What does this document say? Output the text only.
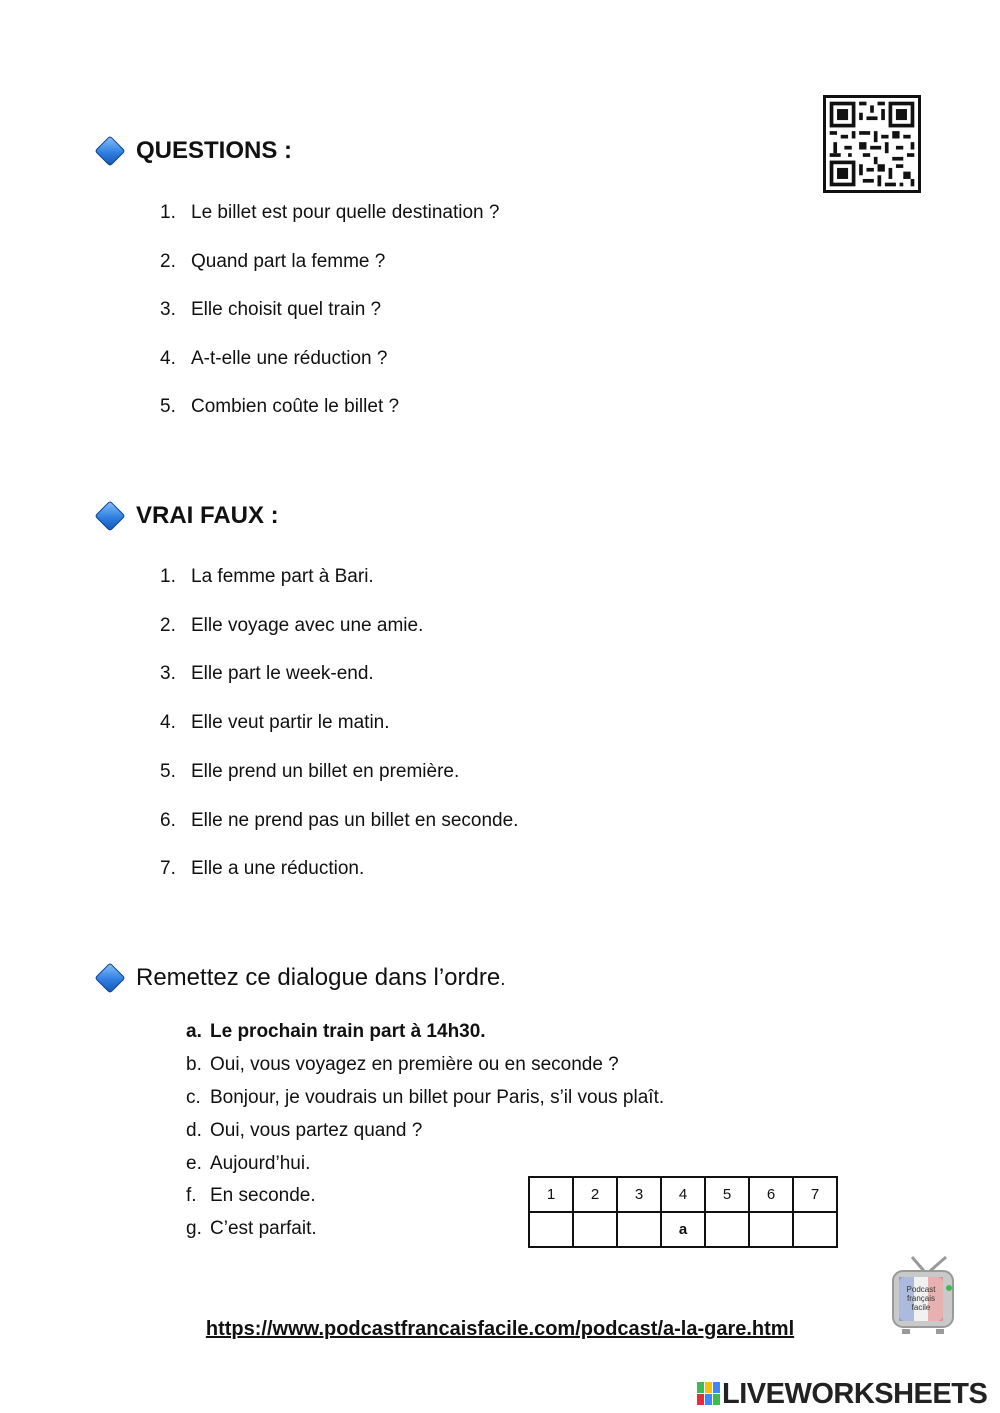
QUESTIONS :
1. Le billet est pour quelle destination ?
2. Quand part la femme ?
3. Elle choisit quel train ?
4. A-t-elle une réduction ?
5. Combien coûte le billet ?
VRAI FAUX :
1. La femme part à Bari.
2. Elle voyage avec une amie.
3. Elle part le week-end.
4. Elle veut partir le matin.
5. Elle prend un billet en première.
6. Elle ne prend pas un billet en seconde.
7. Elle a une réduction.
Remettez ce dialogue dans l’ordre.
a. Le prochain train part à 14h30.
b. Oui, vous voyagez en première ou en seconde ?
c. Bonjour, je voudrais un billet pour Paris, s’il vous plaît.
d. Oui, vous partez quand ?
e. Aujourd’hui.
f. En seconde.
g. C’est parfait.
1	2	3	4	5	6	7
			a			
Podcast
français
facile
https://www.podcastfrancaisfacile.com/podcast/a-la-gare.html
LIVEWORKSHEETS
